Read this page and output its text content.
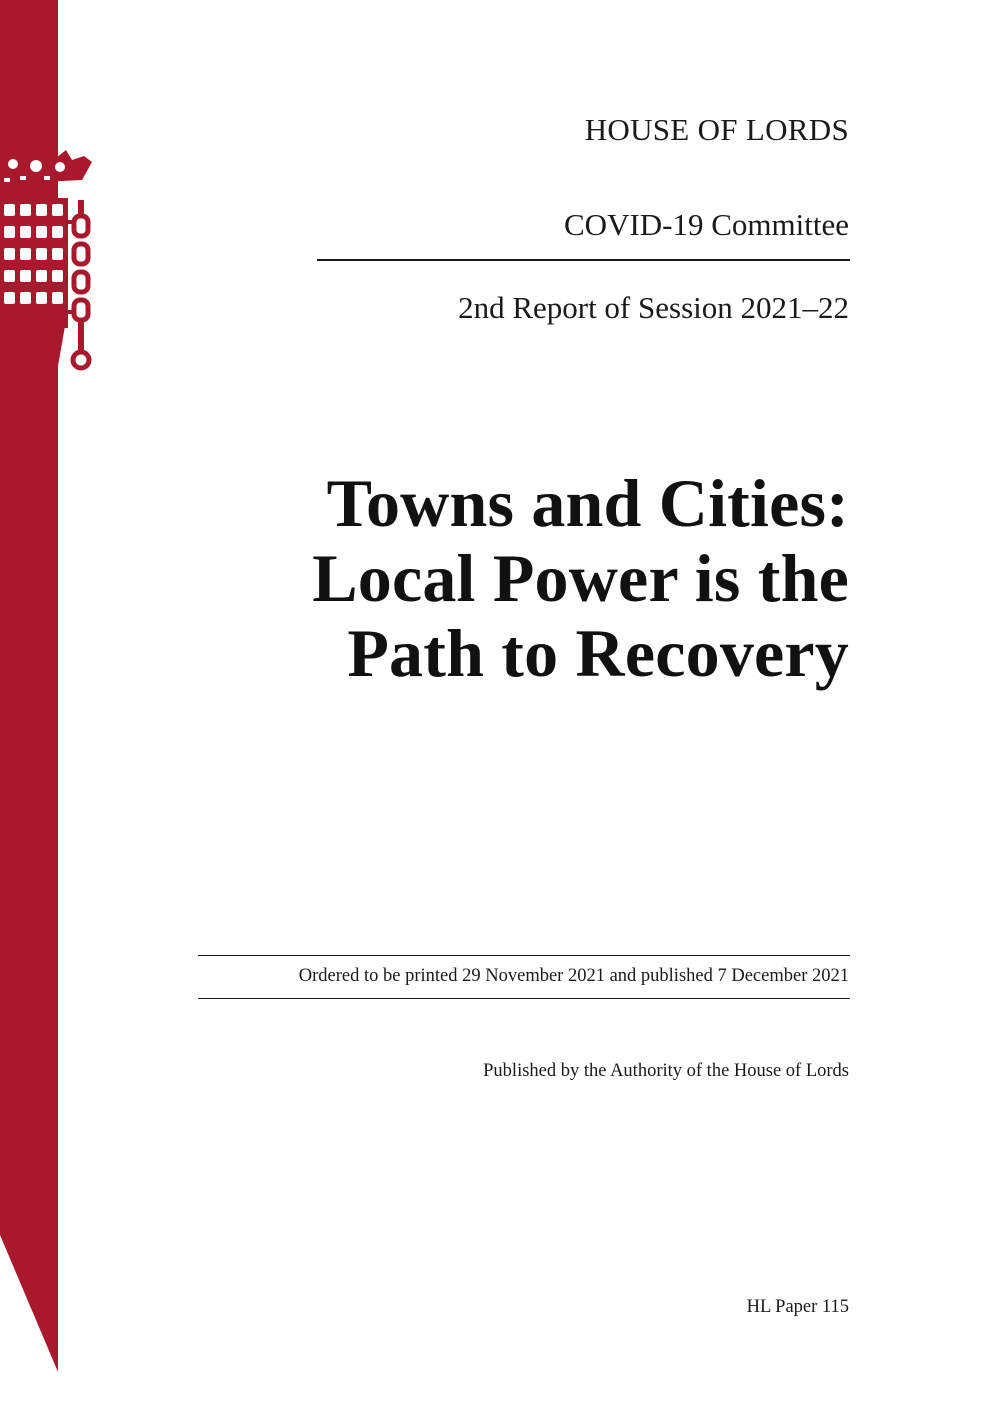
HOUSE OF LORDS
COVID-19 Committee
2nd Report of Session 2021–22
Towns and Cities:
Local Power is the
Path to Recovery
Ordered to be printed 29 November 2021 and published 7 December 2021
Published by the Authority of the House of Lords
HL Paper 115
